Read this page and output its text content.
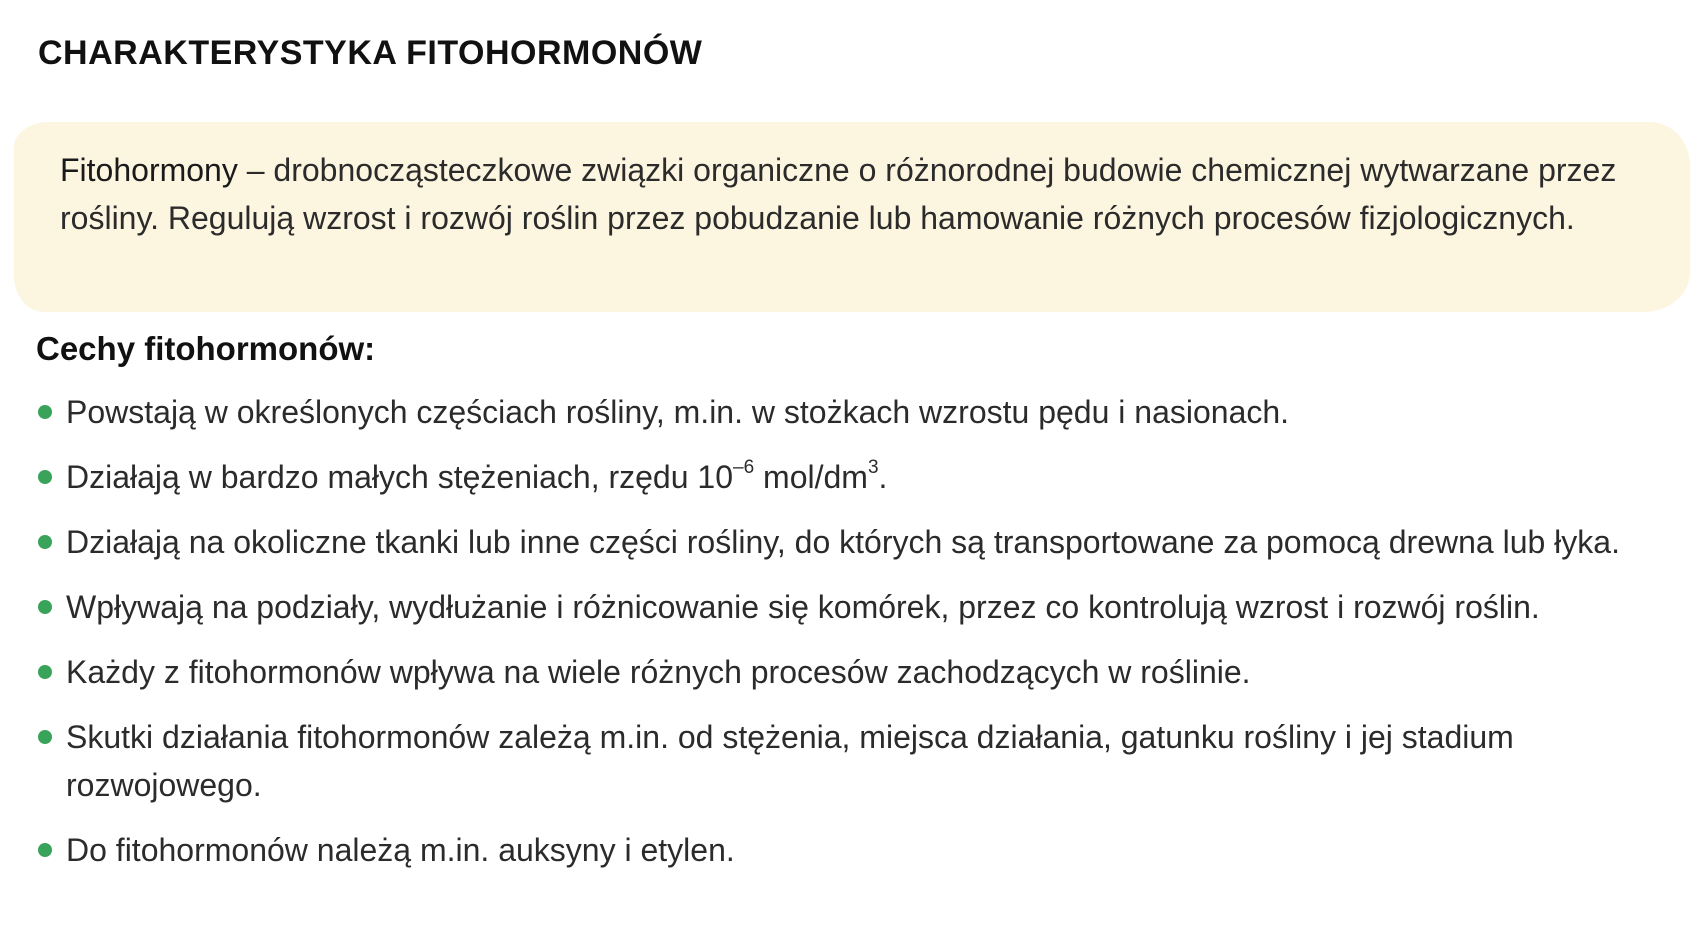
CHARAKTERYSTYKA FITOHORMONÓW
Fitohormony – drobnocząsteczkowe związki organiczne o różnorodnej budowie chemicznej wytwarzane przez rośliny. Regulują wzrost i rozwój roślin przez pobudzanie lub hamowanie różnych procesów fizjologicznych.
Cechy fitohormonów:
Powstają w określonych częściach rośliny, m.in. w stożkach wzrostu pędu i nasionach.
Działają w bardzo małych stężeniach, rzędu $10^{-6}$ mol/$dm^3$.
Działają na okoliczne tkanki lub inne części rośliny, do których są transportowane za pomocą drewna lub łyka.
Wpływają na podziały, wydłużanie i różnicowanie się komórek, przez co kontrolują wzrost i rozwój roślin.
Każdy z fitohormonów wpływa na wiele różnych procesów zachodzących w roślinie.
Skutki działania fitohormonów zależą m.in. od stężenia, miejsca działania, gatunku rośliny i jej stadium rozwojowego.
Do fitohormonów należą m.in. auksyny i etylen.
